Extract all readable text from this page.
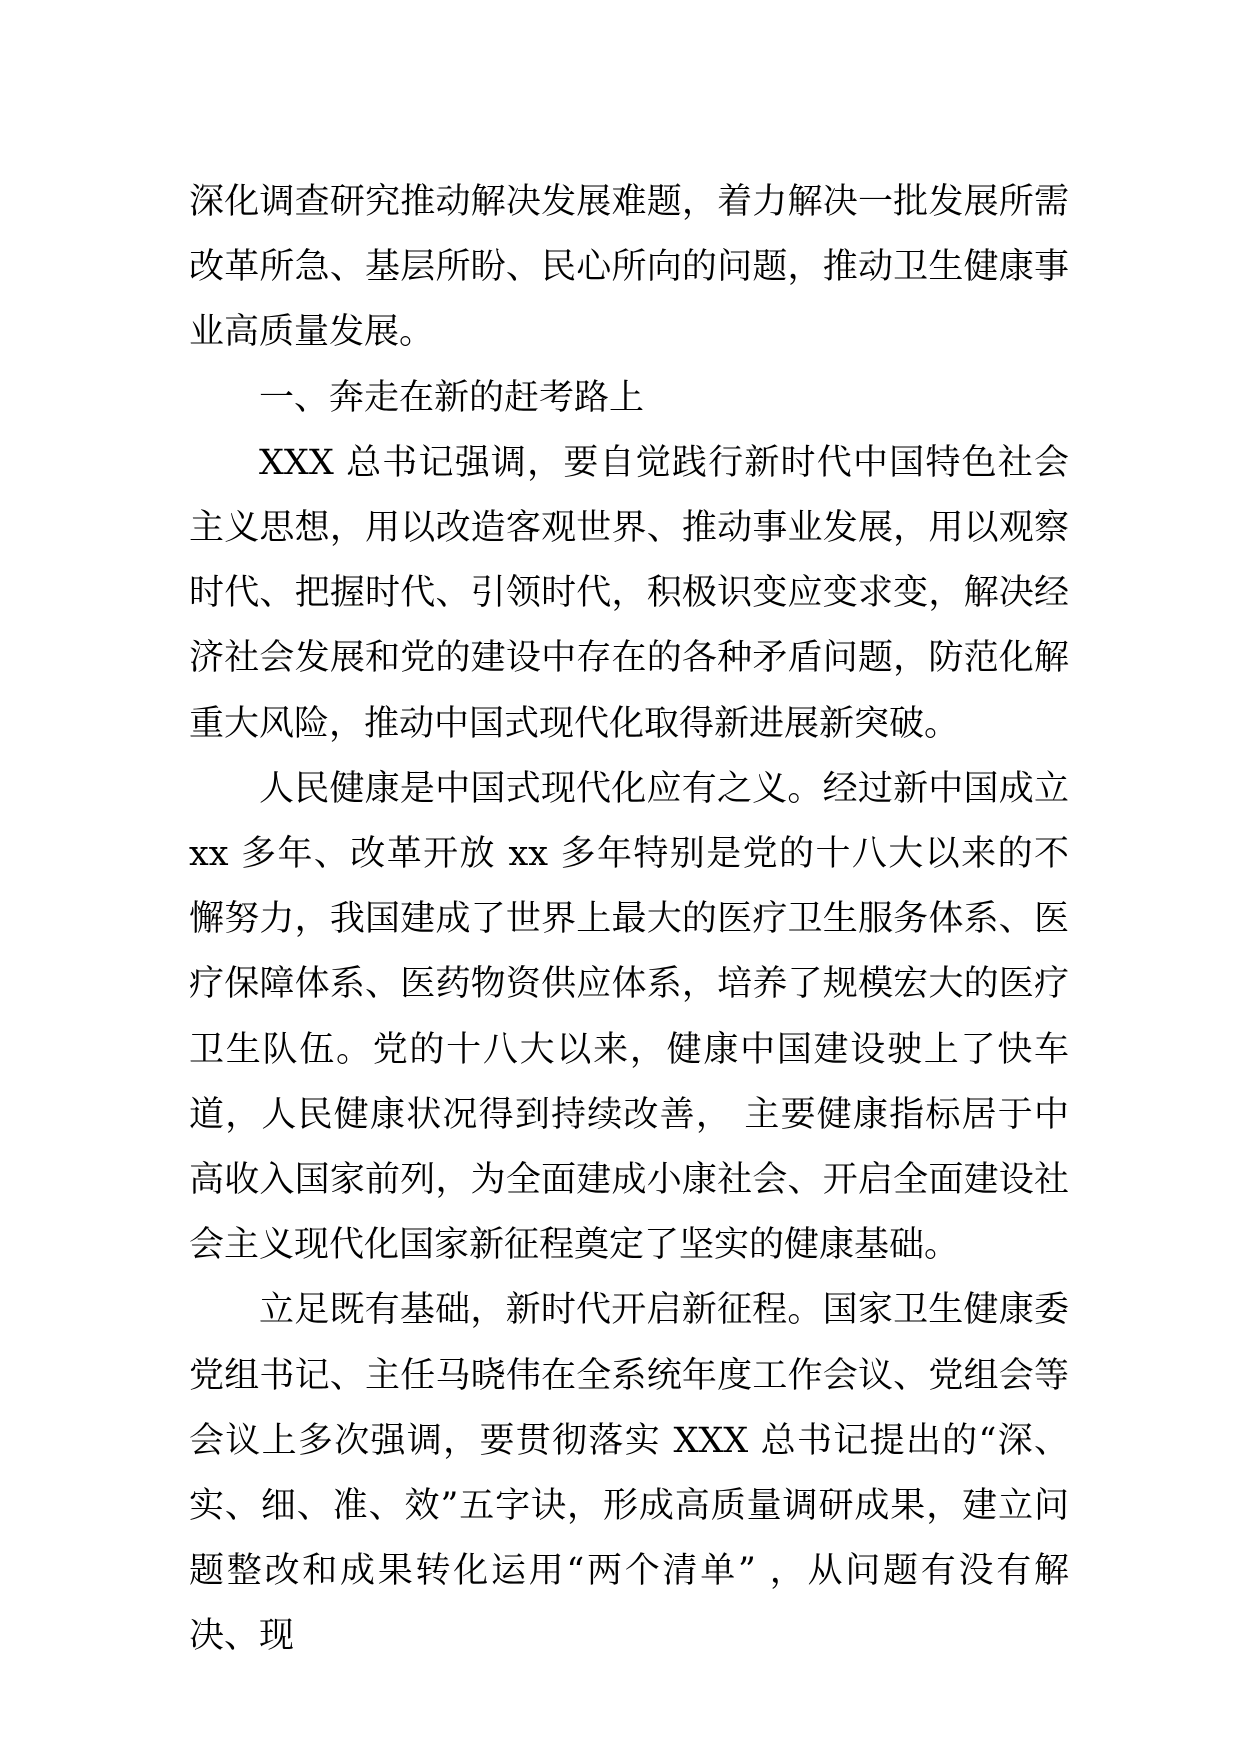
深化调查研究推动解决发展难题，着力解决一批发展所需改革所急、基层所盼、民心所向的问题，推动卫生健康事业高质量发展。

一、奔走在新的赶考路上

XXX 总书记强调，要自觉践行新时代中国特色社会主义思想，用以改造客观世界、推动事业发展，用以观察时代、把握时代、引领时代，积极识变应变求变，解决经济社会发展和党的建设中存在的各种矛盾问题，防范化解重大风险，推动中国式现代化取得新进展新突破。

人民健康是中国式现代化应有之义。经过新中国成立 xx 多年、改革开放 xx 多年特别是党的十八大以来的不懈努力，我国建成了世界上最大的医疗卫生服务体系、医疗保障体系、医药物资供应体系，培养了规模宏大的医疗卫生队伍。党的十八大以来，健康中国建设驶上了快车道，人民健康状况得到持续改善， 主要健康指标居于中高收入国家前列，为全面建成小康社会、开启全面建设社会主义现代化国家新征程奠定了坚实的健康基础。

立足既有基础，新时代开启新征程。国家卫生健康委党组书记、主任马晓伟在全系统年度工作会议、党组会等会议上多次强调，要贯彻落实 XXX 总书记提出的“深、实、细、准、效”五字诀，形成高质量调研成果，建立问题整改和成果转化运用“两个清单” ，从问题有没有解决、现
